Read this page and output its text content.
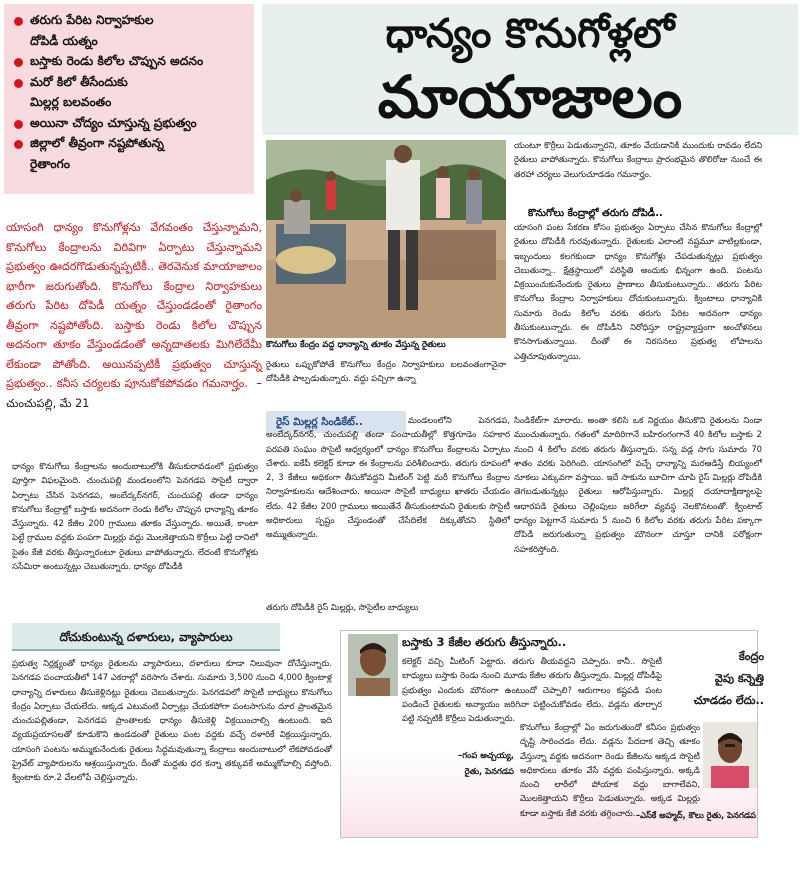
తరుగు పేరిట నిర్వాహకుల
దోపిడీ యత్నం
బస్తాకు రెండు కిలోల చొప్పున అదనం
మరో కిలో తీసేందుకు
మిల్లర్ల బలవంతం
అయినా చోద్యం చూస్తున్న ప్రభుత్వం
జిల్లాలో తీవ్రంగా నష్టపోతున్న
రైతాంగం
యాసంగి ధాన్యం కొనుగోళ్లను వేగవంతం చేస్తున్నామని, కొనుగోలు కేంద్రాలను విరివిగా ఏర్పాటు చేస్తున్నామని ప్రభుత్వం ఊదరగొడుతున్నప్పటికీ.. తెరవెనుక మాయాజాలం భారీగా జరుగుతోంది. కొనుగోలు కేంద్రాల నిర్వాహకులు తరుగు పేరిట దోపిడీ యత్నం చేస్తుండడంతో రైతాంగం తీవ్రంగా నష్టపోతోంది. బస్తాకు రెండు కిలోల చొప్పున అదనంగా తూకం వేస్తుండడంతో అన్నదాతలకు మిగిలేదేమీ లేకుండా పోతోంది. అయినప్పటికీ ప్రభుత్వం చూస్తున్న ప్రభుత్వం.. కనీస చర్యలకు పూనుకోకపోవడం గమనార్హం. – చుంచుపల్లి, మే 21
ధాన్యం కొనుగోళ్లలో
మాయాజాలం
కొనుగోలు కేంద్రం వద్ద ధాన్యాన్ని తూకం వేస్తున్న రైతులు
ధాన్యం కొనుగోలు కేంద్రాలను అందుబాటులోకి తీసుకురావడంలో ప్రభుత్వం పూర్తిగా విఫలమైంది. చుంచుపల్లి మండలంలోని పెనగడప సొసైటీ ద్వారా ఏర్పాటు చేసిన పెనగడప, అంబేద్కర్‌నగర్, చుంచుపల్లి తండా ధాన్యం కొనుగోలు కేంద్రాల్లో బస్తాకు అదనంగా రెండు కిలోల చొప్పున ధాన్యాన్ని తూకం వేస్తున్నారు. 42 కేజీల 200 గ్రాములు తూకం వేస్తున్నారు. అయితే, కాంటా పెట్టే గ్రాముల వద్దకు పంపగా మిల్లర్లు వద్దు మొలకెత్తాయని కొర్రీలు పెట్టి దానిలో సైతం కేజీ వరకు తీస్తున్నారంటూ రైతులు వాపోతున్నారు. లేదంటే కొనుగోళ్లకు ససేమిరా అంటున్నట్లు చెబుతున్నారు. ధాన్యం దోపిడీకి
రైతులు ఒప్పుకోపోతే కొనుగోలు కేంద్రం నిర్వాహకులు బలవంతంగానైనా దోపిడీకి పాల్పడుతున్నారు. వద్దు పచ్చిగా ఉన్నా
యంటూ కొర్రీలు పెడుతున్నారని, తూకం వేయడానికి ముందుకు రావడం లేదని రైతులు వాపోతున్నారు. కొనుగోలు కేంద్రాలు ప్రారంభమైన తొలిరోజు నుంచే ఈ తరహా చర్యలు వెలుగుచూడడం గమనార్హం.
కొనుగోలు కేంద్రాల్లో తరుగు దోపిడీ..
యాసంగి పంట సేకరణ కోసం ప్రభుత్వం ఏర్పాటు చేసిన కొనుగోలు కేంద్రాల్లో రైతులు దోపిడీకి గురవుతున్నారు. రైతులకు ఎలాంటి నష్టమూ వాటిల్లకుండా, ఇబ్బందులు కలగకుండా ధాన్యం కొనుగోళ్లు చేపడుతున్నట్లు ప్రభుత్వం చెబుతున్నా.. క్షేత్రస్థాయిలో పరిస్థితి అందుకు భిన్నంగా ఉంది. పంటను విక్రయించుకునేందుకు రైతులు ప్రాణాలు తీసుకుంటున్నారు.. తరుగు పేరిట కొనుగోలు కేంద్రాల నిర్వాహకులు దోచుకుంటున్నారు. క్వింటాలు ధాన్యానికి సుమారు రెండు కిలోల వరకు తరుగు పేరిట అదనంగా ధాన్యం తీసుకుంటున్నారు. ఈ దోపిడీని నిరోధిస్తూ రాష్ట్రవ్యాప్తంగా అంచోళనలు కొనసాగుతున్నాయి. దీంతో ఈ నిరసనలు ప్రభుత్వ లోపాలను ఎత్తిచూపుతున్నాయి.
రైస్ మిల్లర్ల సిండికేట్..	మండలంలోని పెనగడప, అంబేద్కర్‌నగర్, చుంచుపల్లి తండా పంచాయతీల్లో కొత్తగూడెం సహకార పరపతి సంఘం సొసైటీ ఆధ్వర్యంలో ధాన్యం కొనుగోలు కేంద్రాలను ఏర్పాటు చేశారు. ఐకేపీ కలెక్టర్ కూడా ఈ కేంద్రాలను పరిశీలించారు. తరుగు రూపంలో 2, 3 కేజీలు అధికంగా తీసుకోవద్దని మీటింగ్ పెట్టి మరీ కొనుగోలు కేంద్రాల నిర్వాహకులను ఆదేశించారు. అయినా సొసైటీ బాధ్యులు ఖాతరు చేయడం లేదు. 42 కేజీల 200 గ్రాములు అయితేనే తీసుకుంటామని రైతులకు సొసైటీ అధికారులు స్పష్టం చేస్తుండంతో చేసేదిలేక దిక్కుతోచని స్థితిలో అమ్ముతున్నారు.
తరుగు దోపిడీకి రైస్ మిల్లర్లు, సొసైటీల బాధ్యులు
సిండికేట్‌గా మారారు. అంతా కలిసి ఒక నిర్ణయం తీసుకొని రైతులను నిండా ముంచుతున్నారు. గతంలో మాదిరిగానే బహిరంగంగానే 40 కిలోల బస్తాకు 2 నుంచి 4 కిలోల వరకు తరుగు తీస్తున్నారు. సన్న వడ్ల సాగు సుమారు 70 శాతం వరకు పెరిగింది. యాసంగిలో వచ్చే ధాన్యాన్ని మరఆడిస్తే బియ్యంలో నూకలు ఎక్కువగా వస్తాయి. ఇదే సాకును బూచిగా చూపి రైస్ మిల్లర్లు దోపిడీకి తెగబడుతున్నట్లు రైతులు ఆరోపిస్తున్నారు. మిల్లర్ల దయాదాక్షిణ్యాలపై ఆధారపడి రైతులు చెల్లింపులు జరిగేలా వ్యవస్థ నెలకొనటంతో. క్వింటాల్ ధాన్యం పెట్టగానే సుమారు 5 నుంచి 6 కిలోల వరకు తరుగు పేరిట పక్కాగా దోపిడీ జరుగుతున్నా ప్రభుత్వం మౌనంగా చూస్తూ దానికి పరోక్షంగా సహకరిస్తోంది.
దోచుకుంటున్న దళారులు, వ్యాపారులు
ప్రభుత్వ నిర్లక్ష్యంతో ధాన్యం రైతులను వ్యాపారులు, దళారులు కూడా నిలువునా దోచేస్తున్నారు. పెనగడప పంచాయతీలో 147 ఎకరాల్లో వరిసాగు చేశారు. సుమారు 3,500 నుంచి 4,000 క్వింటాళ్ల ధాన్యాన్ని దళారులు తీసుకెళ్లినట్లు రైతులు చెబుతున్నారు. పెనగడపలో సొసైటీ బాధ్యులు కొనుగోలు కేంద్రం ఏర్పాటు చేయలేదు. అక్కడ ఎటువంటి ఏర్పాట్లు చేయకపోగా పంటసాగును దూర ప్రాంతమైన చుంచుపల్లితండా, పెనగడప ప్రాంతాలకు ధాన్యం తీసుకెళ్లి విక్రయించాల్సి ఉంటుంది. ఇది వ్యయప్రయాసలతో కూడుకొని ఉండడంతో రైతులు పంట వద్దకు వచ్చే దళారికే విక్రయిస్తున్నారు. యాసంగి పంటను అమ్ముకునేందుకు రైతులు సిద్ధమవుతున్నా కేంద్రాలు అందుబాటులో లేకపోవడంతో ప్రైవేట్ వ్యాపారులను ఆశ్రయిస్తున్నారు. దీంతో మద్దతు ధర కన్నా తక్కువకే అమ్ముకోవాల్సి వస్తోంది. క్వింటాకు రూ.2 వేలలోపే చెల్లిస్తున్నారు.
బస్తాకు 3 కేజీల తరుగు తీస్తున్నారు..
కలెక్టర్ వచ్చి మీటింగ్ పెట్టారు. తరుగు తీయవద్దని చెప్పారు. కానీ.. సొసైటీ బాధ్యులు బస్తాకు రెండు నుంచి మూడు కేజీల తరుగు తీస్తున్నారు. మిల్లర్ల దోపిడీపై ప్రభుత్వం ఎందుకు మౌనంగా ఉంటుందో చెప్పాలి? ఆరుగాలం కష్టపడి పంట పండించే రైతులకు అన్యాయం జరిగినా పట్టించుకోవడం లేదు. వడ్లను తూర్పార పట్టి నప్పటికీ కొర్రీలు పెడుతున్నారు.
–గంప అచ్చయ్య,
రైతు, పెనగడప
కేంద్రం
వైపు కన్నెత్తి
చూడడం లేదు..
కొనుగోలు కేంద్రాల్లో ఏం జరుగుతుందో కనీసం ప్రభుత్వం దృష్టి సారించడం లేదు. వడ్లను పేదదాక తెచ్చి తూకం వేస్తున్నా వద్దకు అదనంగా రెండు కేజీలను అక్కడ సొసైటీ అధికారులు తూకం వేసే వద్దకు పంపిస్తున్నారు. అక్కడి నుంచి లారీలో పోయాక వద్దు బాగాలేవని, మొలకెత్తాయని కొర్రీలు పెడుతున్నారు. అక్కడ మిల్లర్లు కూడా బస్తాకు కేజీ వరకు తగ్గించారు. –ఎస్‌కే అహ్మద్, కౌలు రైతు, పెనగడప
